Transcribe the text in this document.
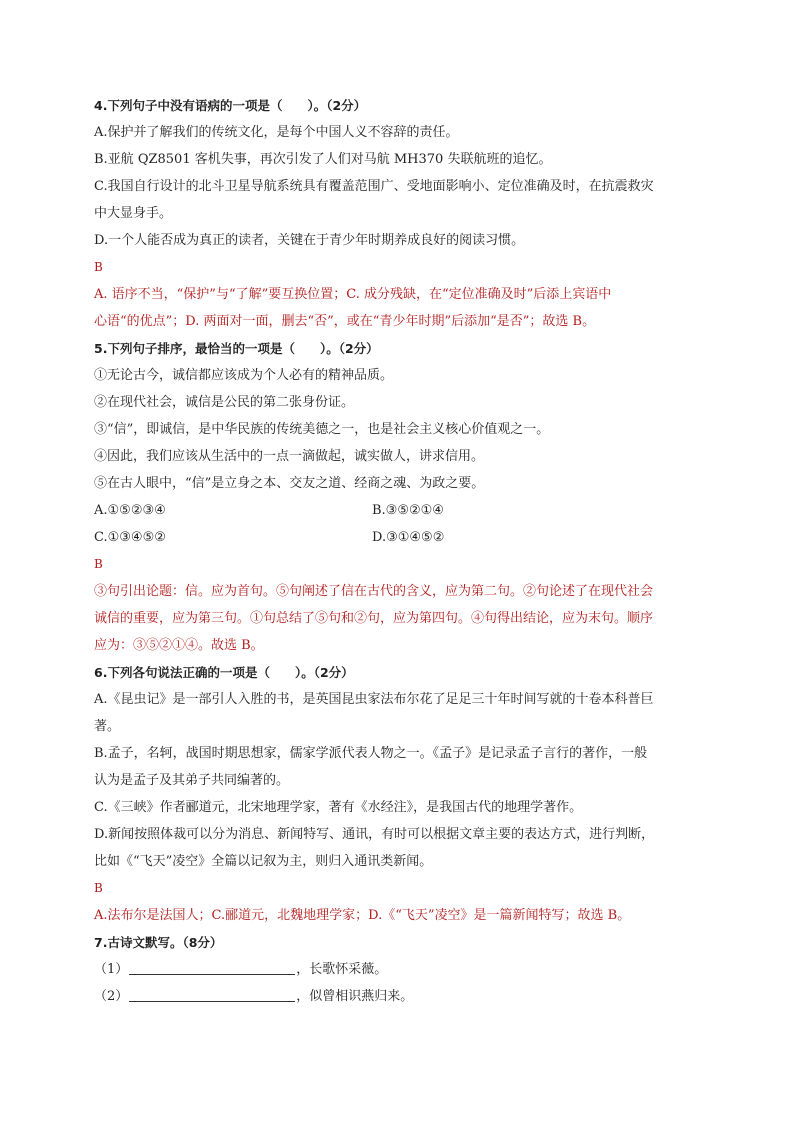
4.下列句子中没有语病的一项是（　　）。（2分）
A.保护并了解我们的传统文化，是每个中国人义不容辞的责任。
B.亚航 QZ8501 客机失事，再次引发了人们对马航 MH370 失联航班的追忆。
C.我国自行设计的北斗卫星导航系统具有覆盖范围广、受地面影响小、定位准确及时，在抗震救灾
中大显身手。
D.一个人能否成为真正的读者，关键在于青少年时期养成良好的阅读习惯。
B
A. 语序不当，“保护”与“了解”要互换位置；C. 成分残缺，在“定位准确及时”后添上宾语中
心语“的优点”；D. 两面对一面，删去“否”，或在“青少年时期”后添加“是否”；故选 B。
5.下列句子排序，最恰当的一项是（　　）。（2分）
①无论古今，诚信都应该成为个人必有的精神品质。
②在现代社会，诚信是公民的第二张身份证。
③“信”，即诚信，是中华民族的传统美德之一，也是社会主义核心价值观之一。
④因此，我们应该从生活中的一点一滴做起，诚实做人，讲求信用。
⑤在古人眼中，“信”是立身之本、交友之道、经商之魂、为政之要。
A.①⑤②③④	B.③⑤②①④
C.①③④⑤②	D.③①④⑤②
B
③句引出论题：信。应为首句。⑤句阐述了信在古代的含义，应为第二句。②句论述了在现代社会
诚信的重要，应为第三句。①句总结了⑤句和②句，应为第四句。④句得出结论，应为末句。顺序
应为：③⑤②①④。故选 B。
6.下列各句说法正确的一项是（　　）。（2分）
A.《昆虫记》是一部引人入胜的书，是英国昆虫家法布尔花了足足三十年时间写就的十卷本科普巨
著。
B.孟子，名轲，战国时期思想家，儒家学派代表人物之一。《孟子》是记录孟子言行的著作，一般
认为是孟子及其弟子共同编著的。
C.《三峡》作者郦道元，北宋地理学家，著有《水经注》，是我国古代的地理学著作。
D.新闻按照体裁可以分为消息、新闻特写、通讯，有时可以根据文章主要的表达方式，进行判断，
比如《“飞天”凌空》全篇以记叙为主，则归入通讯类新闻。
B
A.法布尔是法国人；C.郦道元，北魏地理学家；D.《“飞天”凌空》是一篇新闻特写；故选 B。
7.古诗文默写。（8分）
（1）	，长歌怀采薇。
（2）	，似曾相识燕归来。
